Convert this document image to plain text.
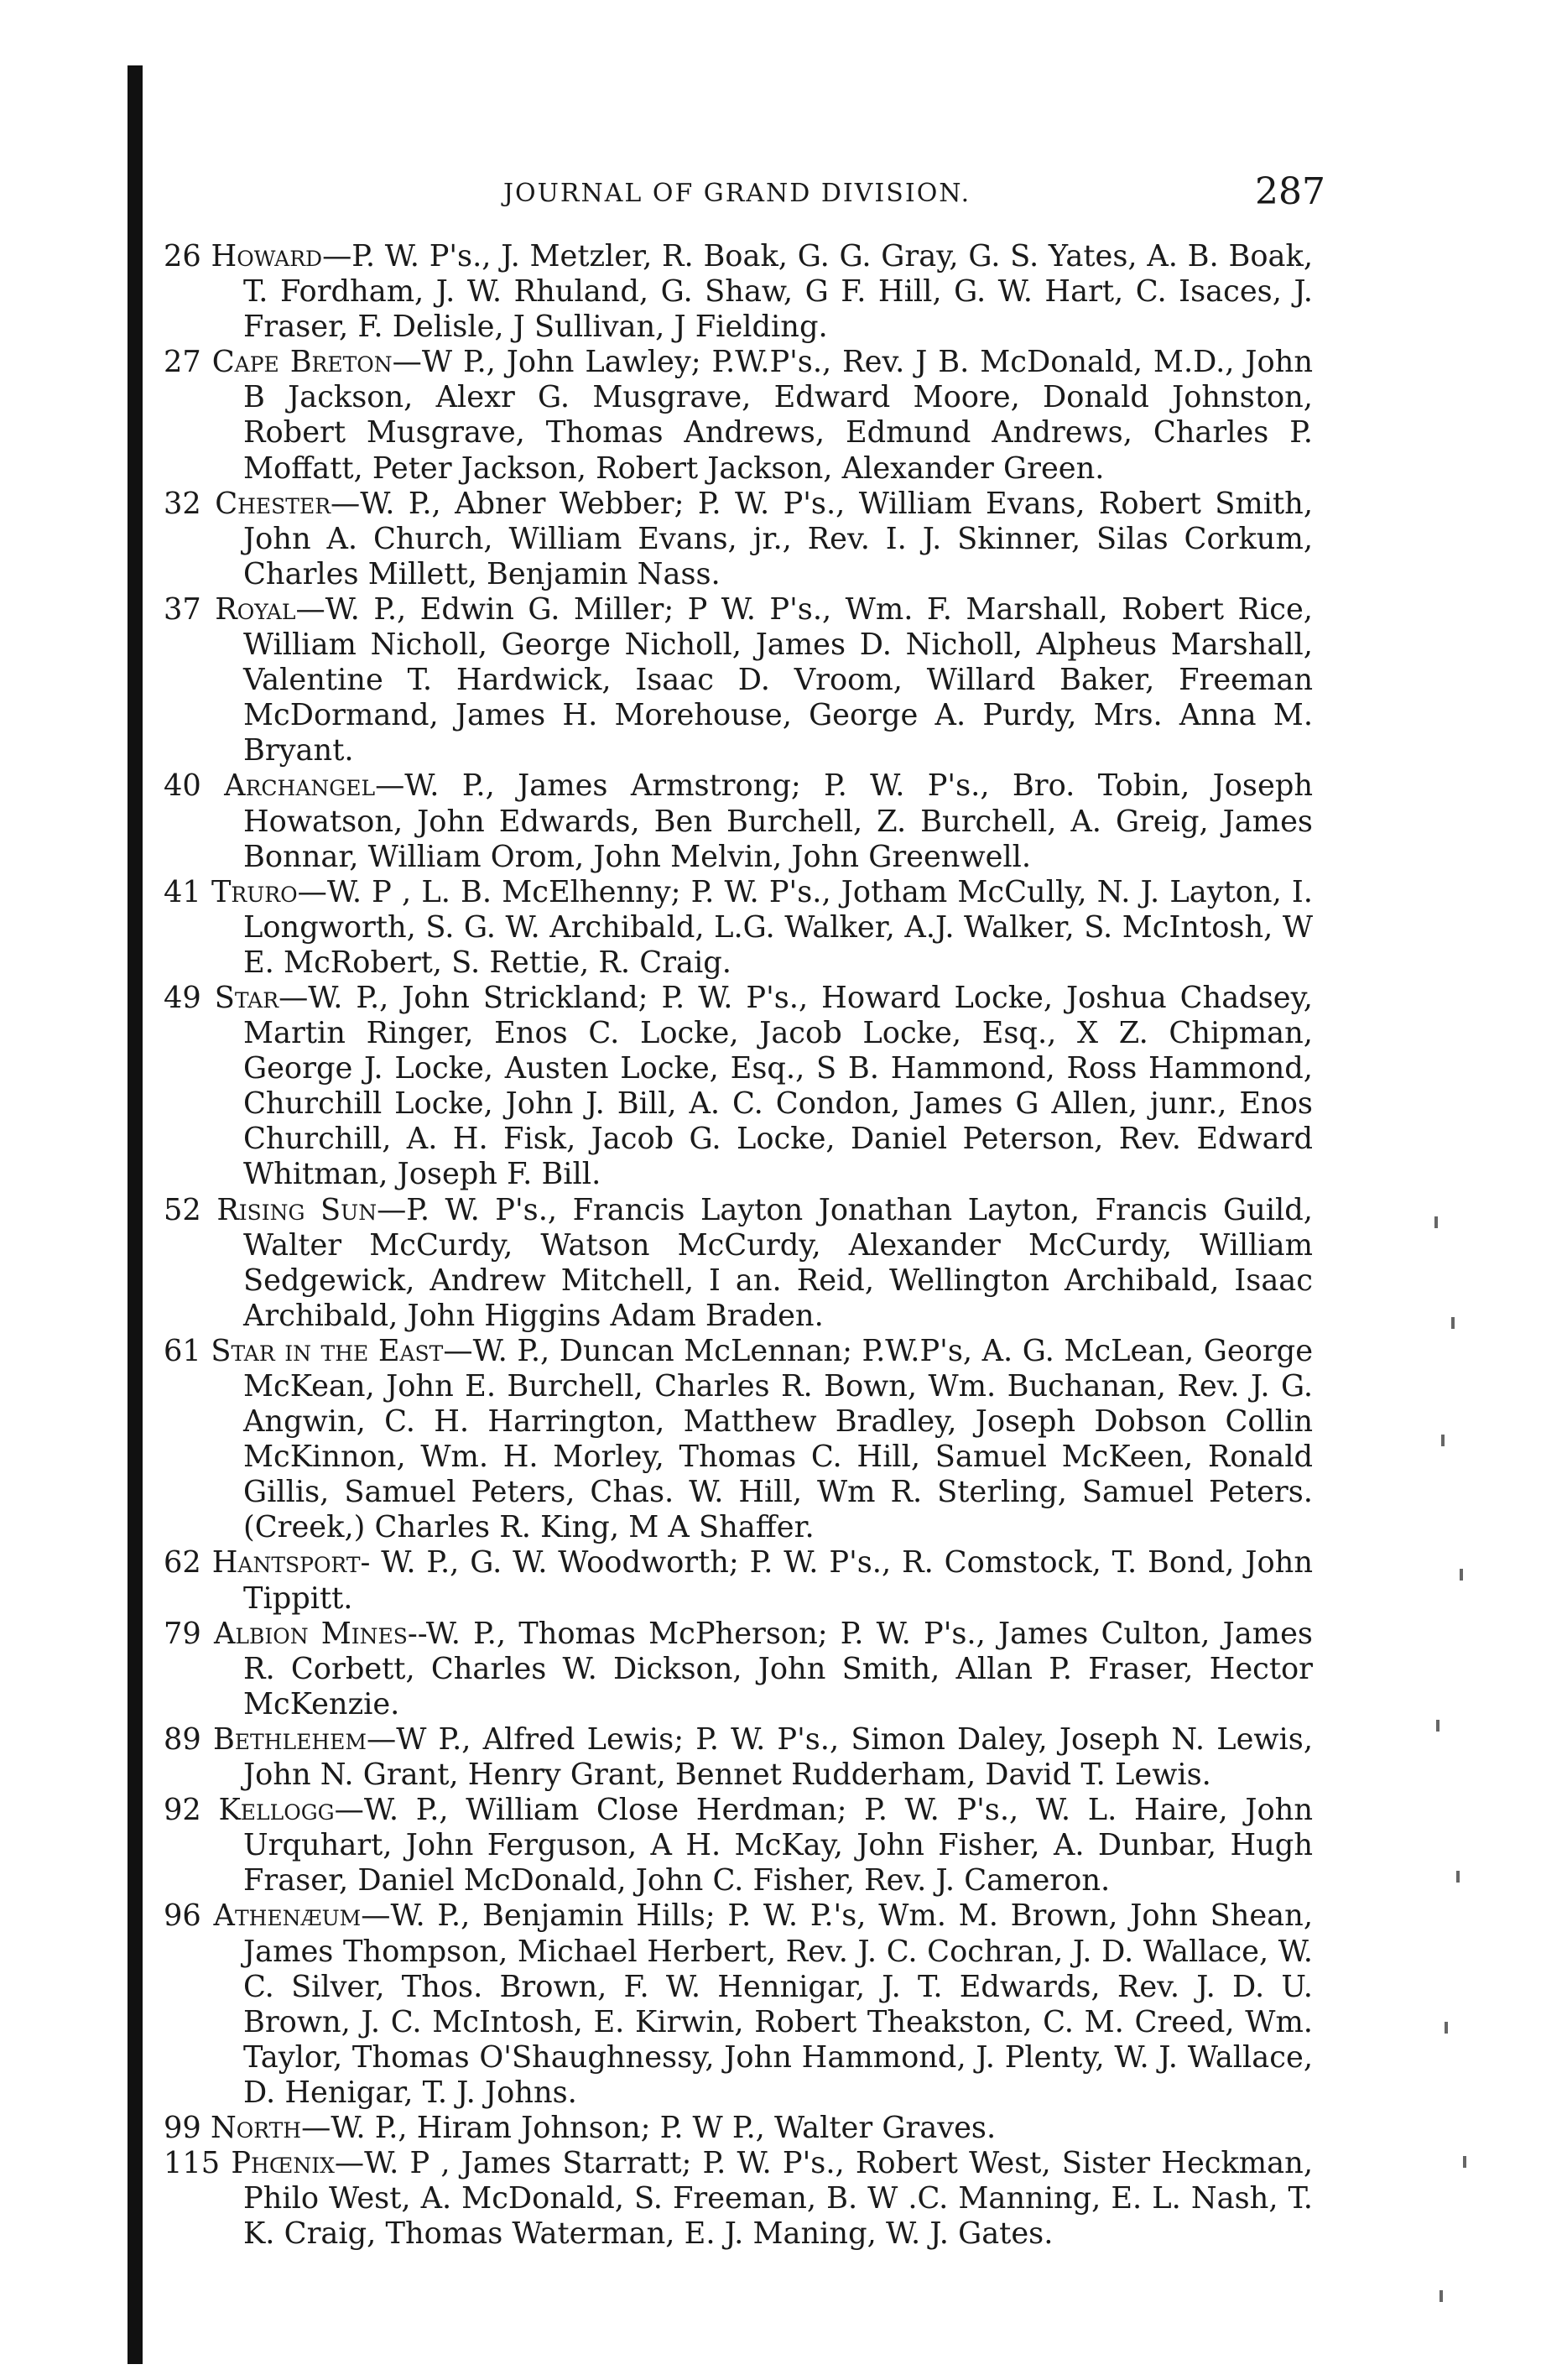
JOURNAL OF GRAND DIVISION.	287

26 Howard—P. W. P's., J. Metzler, R. Boak, G. G. Gray, G. S. Yates, A. B. Boak, T. Fordham, J. W. Rhuland, G. Shaw, G F. Hill, G. W. Hart, C. Isaces, J. Fraser, F. Delisle, J Sullivan, J Fielding.

27 Cape Breton—W P., John Lawley; P.W.P's., Rev. J B. McDonald, M.D., John B Jackson, Alexr G. Musgrave, Edward Moore, Donald Johnston, Robert Musgrave, Thomas Andrews, Edmund Andrews, Charles P. Moffatt, Peter Jackson, Robert Jackson, Alexander Green.

32 Chester—W. P., Abner Webber; P. W. P's., William Evans, Robert Smith, John A. Church, William Evans, jr., Rev. I. J. Skinner, Silas Corkum, Charles Millett, Benjamin Nass.

37 Royal—W. P., Edwin G. Miller; P W. P's., Wm. F. Marshall, Robert Rice, William Nicholl, George Nicholl, James D. Nicholl, Alpheus Marshall, Valentine T. Hardwick, Isaac D. Vroom, Willard Baker, Freeman McDormand, James H. Morehouse, George A. Purdy, Mrs. Anna M. Bryant.

40 Archangel—W. P., James Armstrong; P. W. P's., Bro. Tobin, Joseph Howatson, John Edwards, Ben Burchell, Z. Burchell, A. Greig, James Bonnar, William Orom, John Melvin, John Greenwell.

41 Truro—W. P , L. B. McElhenny; P. W. P's., Jotham McCully, N. J. Layton, I. Longworth, S. G. W. Archibald, L.G. Walker, A.J. Walker, S. McIntosh, W E. McRobert, S. Rettie, R. Craig.

49 Star—W. P., John Strickland; P. W. P's., Howard Locke, Joshua Chadsey, Martin Ringer, Enos C. Locke, Jacob Locke, Esq., X Z. Chipman, George J. Locke, Austen Locke, Esq., S B. Hammond, Ross Hammond, Churchill Locke, John J. Bill, A. C. Condon, James G Allen, junr., Enos Churchill, A. H. Fisk, Jacob G. Locke, Daniel Peterson, Rev. Edward Whitman, Joseph F. Bill.

52 Rising Sun—P. W. P's., Francis Layton Jonathan Layton, Francis Guild, Walter McCurdy, Watson McCurdy, Alexander McCurdy, William Sedgewick, Andrew Mitchell, I an. Reid, Wellington Archibald, Isaac Archibald, John Higgins Adam Braden.

61 Star in the East—W. P., Duncan McLennan; P.W.P's, A. G. McLean, George McKean, John E. Burchell, Charles R. Bown, Wm. Buchanan, Rev. J. G. Angwin, C. H. Harrington, Matthew Bradley, Joseph Dobson Collin McKinnon, Wm. H. Morley, Thomas C. Hill, Samuel McKeen, Ronald Gillis, Samuel Peters, Chas. W. Hill, Wm R. Sterling, Samuel Peters. (Creek,) Charles R. King, M A Shaffer.

62 Hantsport- W. P., G. W. Woodworth; P. W. P's., R. Comstock, T. Bond, John Tippitt.

79 Albion Mines--W. P., Thomas McPherson; P. W. P's., James Culton, James R. Corbett, Charles W. Dickson, John Smith, Allan P. Fraser, Hector McKenzie.

89 Bethlehem—W P., Alfred Lewis; P. W. P's., Simon Daley, Joseph N. Lewis, John N. Grant, Henry Grant, Bennet Rudderham, David T. Lewis.

92 Kellogg—W. P., William Close Herdman; P. W. P's., W. L. Haire, John Urquhart, John Ferguson, A H. McKay, John Fisher, A. Dunbar, Hugh Fraser, Daniel McDonald, John C. Fisher, Rev. J. Cameron.

96 Athenæum—W. P., Benjamin Hills; P. W. P.'s, Wm. M. Brown, John Shean, James Thompson, Michael Herbert, Rev. J. C. Cochran, J. D. Wallace, W. C. Silver, Thos. Brown, F. W. Hennigar, J. T. Edwards, Rev. J. D. U. Brown, J. C. McIntosh, E. Kirwin, Robert Theakston, C. M. Creed, Wm. Taylor, Thomas O'Shaughnessy, John Hammond, J. Plenty, W. J. Wallace, D. Henigar, T. J. Johns.

99 North—W. P., Hiram Johnson; P. W P., Walter Graves.

115 Phœnix—W. P , James Starratt; P. W. P's., Robert West, Sister Heckman, Philo West, A. McDonald, S. Freeman, B. W .C. Manning, E. L. Nash, T. K. Craig, Thomas Waterman, E. J. Maning, W. J. Gates.
